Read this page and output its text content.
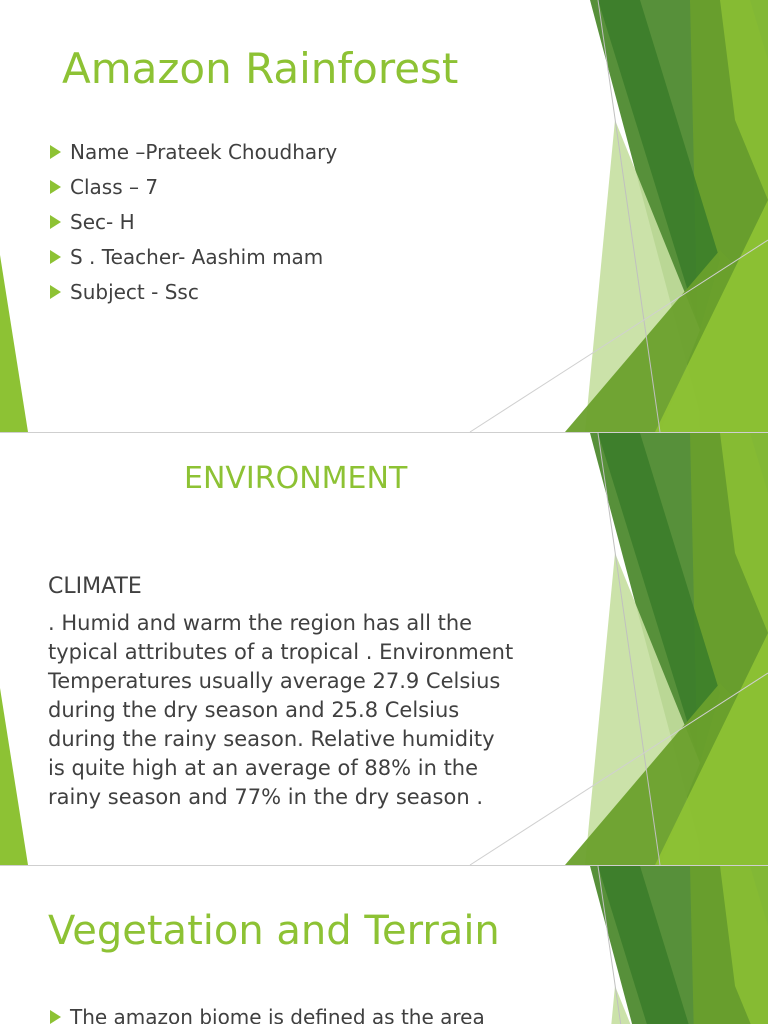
Amazon Rainforest
Name –Prateek Choudhary
Class – 7
Sec- H
S . Teacher- Aashim mam
Subject - Ssc
ENVIRONMENT

CLIMATE

. Humid and warm the region has all the
typical attributes of a tropical . Environment
Temperatures usually average 27.9 Celsius
during the dry season and 25.8 Celsius
during the rainy season. Relative humidity
is quite high at an average of 88% in the
rainy season and 77% in the dry season .

Vegetation and Terrain
The amazon biome is defined as the area
